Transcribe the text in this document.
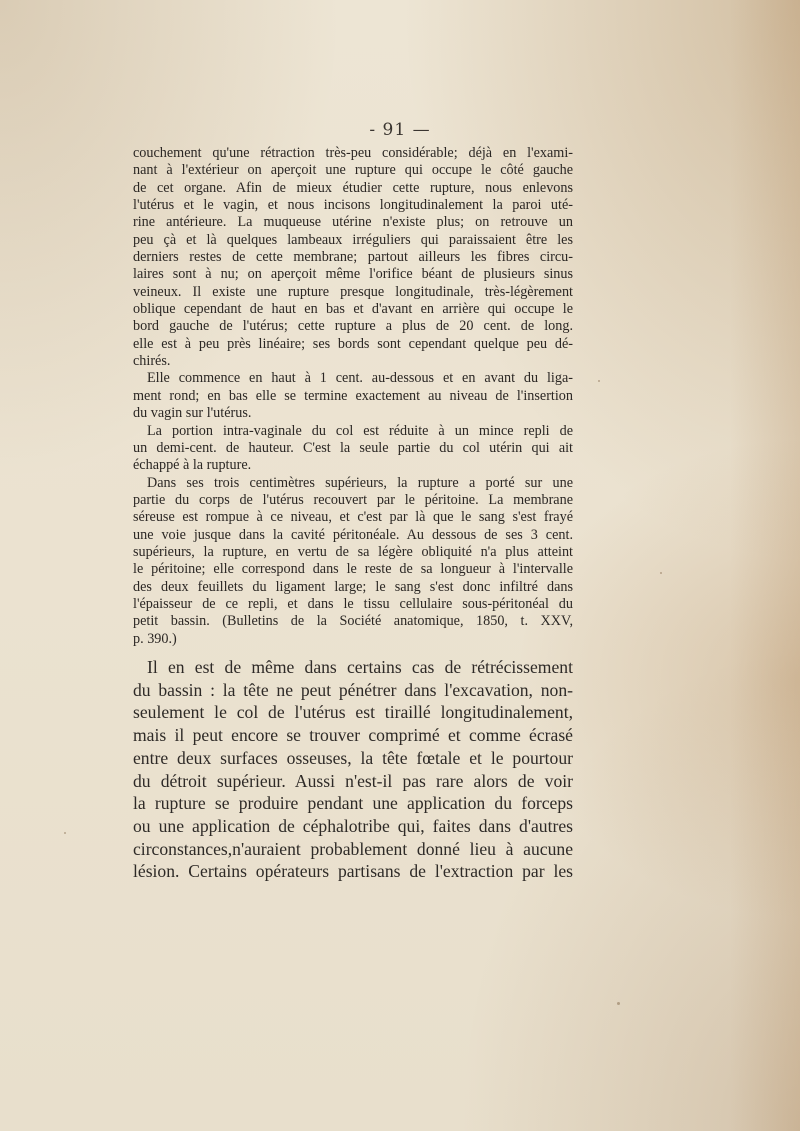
- 91 —
couchement qu'une rétraction très-peu considérable; déjà en l'exami-
nant à l'extérieur on aperçoit une rupture qui occupe le côté gauche
de cet organe. Afin de mieux étudier cette rupture, nous enlevons
l'utérus et le vagin, et nous incisons longitudinalement la paroi uté-
rine antérieure. La muqueuse utérine n'existe plus; on retrouve un
peu çà et là quelques lambeaux irréguliers qui paraissaient être les
derniers restes de cette membrane; partout ailleurs les fibres circu-
laires sont à nu; on aperçoit même l'orifice béant de plusieurs sinus
veineux. Il existe une rupture presque longitudinale, très-légèrement
oblique cependant de haut en bas et d'avant en arrière qui occupe le
bord gauche de l'utérus; cette rupture a plus de 20 cent. de long.
elle est à peu près linéaire; ses bords sont cependant quelque peu dé-
chirés.
Elle commence en haut à 1 cent. au-dessous et en avant du liga-
ment rond; en bas elle se termine exactement au niveau de l'insertion
du vagin sur l'utérus.
La portion intra-vaginale du col est réduite à un mince repli de
un demi-cent. de hauteur. C'est la seule partie du col utérin qui ait
échappé à la rupture.
Dans ses trois centimètres supérieurs, la rupture a porté sur une
partie du corps de l'utérus recouvert par le péritoine. La membrane
séreuse est rompue à ce niveau, et c'est par là que le sang s'est frayé
une voie jusque dans la cavité péritonéale. Au dessous de ses 3 cent.
supérieurs, la rupture, en vertu de sa légère obliquité n'a plus atteint
le péritoine; elle correspond dans le reste de sa longueur à l'intervalle
des deux feuillets du ligament large; le sang s'est donc infiltré dans
l'épaisseur de ce repli, et dans le tissu cellulaire sous-péritonéal du
petit bassin. (Bulletins de la Société anatomique, 1850, t. XXV,
p. 390.)
Il en est de même dans certains cas de rétrécissement
du bassin : la tête ne peut pénétrer dans l'excavation, non-
seulement le col de l'utérus est tiraillé longitudinalement,
mais il peut encore se trouver comprimé et comme écrasé
entre deux surfaces osseuses, la tête fœtale et le pourtour
du détroit supérieur. Aussi n'est-il pas rare alors de voir
la rupture se produire pendant une application du forceps
ou une application de céphalotribe qui, faites dans d'autres
circonstances,n'auraient probablement donné lieu à aucune
lésion. Certains opérateurs partisans de l'extraction par les
